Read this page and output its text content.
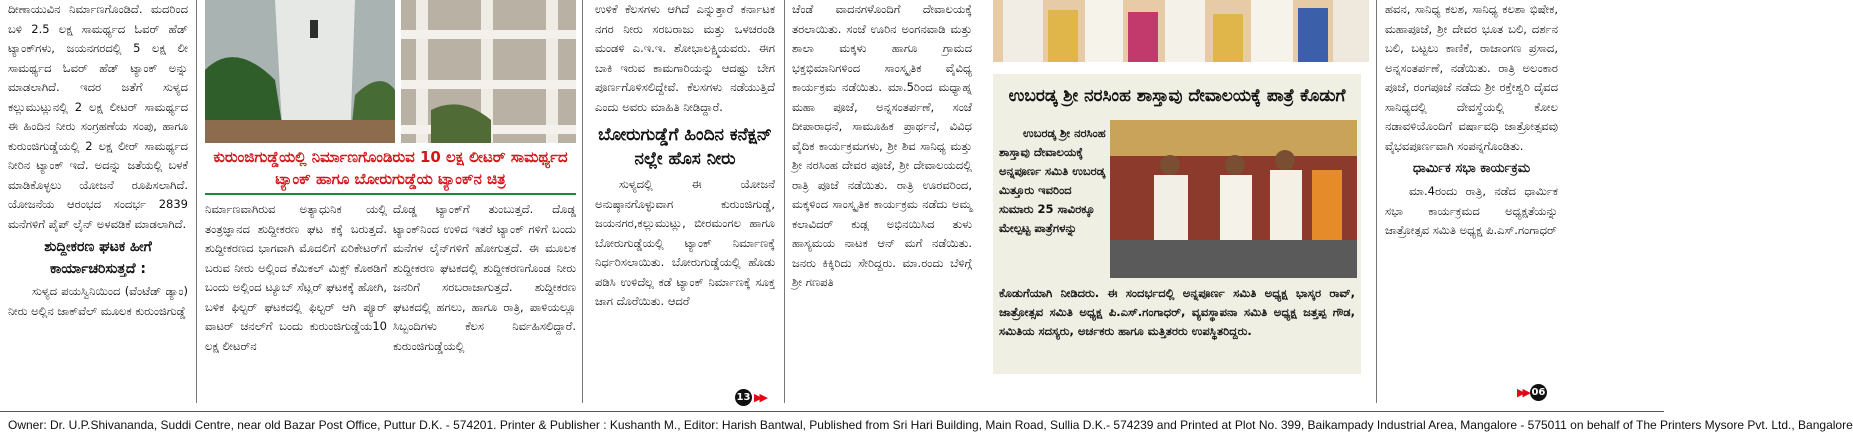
ದೀಣಾಯುವಿನ ನಿರ್ಮಾಣಗೊಂಡಿದೆ. ಮದರಿಂದ ಬಳಿ 2.5 ಲಕ್ಷ ಸಾಮರ್ಥ್ಯದ ಓವರ್ ಹೆಡ್ ಟ್ಯಾಂಕ್‌ಗಳು, ಜಯನಗರದಲ್ಲಿ 5 ಲಕ್ಷ ಲೀ ಸಾಮರ್ಥ್ಯದ ಓವರ್ ಹೆಡ್ ಟ್ಯಾಂಕ್ ಅನ್ನು ಮಾಡಲಾಗಿದೆ. ಇದರ ಜತೆಗೆ ಸುಳ್ಯದ ಕಲ್ಲುಮುಟ್ಲುನಲ್ಲಿ 2 ಲಕ್ಷ ಲೀಟರ್ ಸಾಮರ್ಥ್ಯದ ಈ ಹಿಂದಿನ ನೀರು ಸಂಗ್ರಹಣೆಯ ಸಂಪು, ಹಾಗೂ ಕುರುಂಜಿಗುಡ್ಡೆಯಲ್ಲಿ 2 ಲಕ್ಷ ಲೀರ್ ಸಾಮರ್ಥ್ಯದ ನೀರಿನ ಟ್ಯಾಂಕ್ ಇದೆ. ಅದನ್ನು ಜತೆಯಲ್ಲಿ ಬಳಕೆ ಮಾಡಿಕೊಳ್ಳಲು ಯೋಜನೆ ರೂಪಿಸಲಾಗಿದೆ. ಯೋಜನೆಯ ಆರಂಭದ ಸಂದರ್ಭ 2839 ಮನೆಗಳಿಗೆ ಪೈಪ್ ಲೈನ್ ಅಳವಡಿಕೆ ಮಾಡಲಾಗಿದೆ.

ಶುದ್ದೀಕರಣ ಘಟಕ ಹೀಗೆ ಕಾರ್ಯಾಚರಿಸುತ್ತದೆ :

ಸುಳ್ಯದ ಪಯಸ್ವಿನಿಯಿಂದ (ವೆಂಟೆಡ್ ಡ್ಯಾಂ) ನೀರು ಅಲ್ಲಿನ ಜಾಕ್‌ವೆಲ್ ಮೂಲಕ ಕುರುಂಜಿಗುಡ್ಡೆ

ಕುರುಂಜಿಗುಡ್ಡೆಯಲ್ಲಿ ನಿರ್ಮಾಣಗೊಂಡಿರುವ 10 ಲಕ್ಷ ಲೀಟರ್ ಸಾಮರ್ಥ್ಯದ ಟ್ಯಾಂಕ್ ಹಾಗೂ ಬೋರುಗುಡ್ಡೆಯ ಟ್ಯಾಂಕ್‌ನ ಚಿತ್ರ

ನಿರ್ಮಾಣವಾಗಿರುವ ಅತ್ಯಾಧುನಿಕ ಯಲ್ಲಿ ತಂತ್ರಜ್ಞಾನದ ಶುದ್ದೀಕರಣ ಘಟ ಕಕ್ಕೆ ಬರುತ್ತದೆ. ಶುದ್ದೀಕರಣದ ಭಾಗವಾಗಿ ಮೊದಲಿಗೆ ಏರಿಕೇಟರ್‌ಗೆ ಬರುವ ನೀರು ಅಲ್ಲಿಂದ ಕೆಮಿಕಲ್ ಮಿಕ್ಸ್ ಕೊಠಡಿಗೆ ಬಂದು ಅಲ್ಲಿಂದ ಟ್ಯೂಬ್ ಸೆಟ್ಲರ್ ಘಟಕಕ್ಕೆ ಹೋಗಿ, ಬಳಿಕ ಫಿಲ್ಟರ್ ಘಟಕದಲ್ಲಿ ಫಿಲ್ಟರ್ ಆಗಿ ಪ್ಯೂರ್ ವಾಟರ್ ಚನಲ್‌ಗೆ ಬಂದು ಕುರುಂಜಿಗುಡ್ಡೆಯ10 ಲಕ್ಷ ಲೀಟರ್‌ನ

ದೊಡ್ಡ ಟ್ಯಾಂಕ್‌ಗೆ ತುಂಬುತ್ತದೆ. ದೊಡ್ಡ ಟ್ಯಾಂಕ್‌ನಿಂದ ಉಳಿದ ಇತರೆ ಟ್ಯಾಂಕ್ ಗಳಿಗೆ ಬಂದು ಮನೆಗಳ ಲೈನ್‌ಗಳಿಗೆ ಹೋಗುತ್ತದೆ. ಈ ಮೂಲಕ ಶುದ್ದೀಕರಣ ಘಟಕದಲ್ಲಿ ಶುದ್ದೀಕರಣಗೊಂಡ ನೀರು ಜನರಿಗೆ ಸರಬರಾಜಾಗುತ್ತದೆ. ಶುದ್ದೀಕರಣ ಘಟಕದಲ್ಲಿ ಹಗಲು, ಹಾಗೂ ರಾತ್ರಿ, ಪಾಳಿಯಲ್ಲೂ ಸಿಬ್ಬಂದಿಗಳು ಕೆಲಸ ನಿರ್ವಹಿಸಲಿದ್ದಾರೆ. ಕುರುಂಜಿಗುಡ್ಡೆಯಲ್ಲಿ

ಉಳಿಕೆ ಕೆಲಸಗಳು ಆಗಿದೆ ಎನ್ನುತ್ತಾರೆ ಕರ್ನಾಟಕ ನಗರ ನೀರು ಸರಬರಾಜು ಮತ್ತು ಒಳಚರಂಡಿ ಮಂಡಳಿ ಎ.ಇ.ಇ. ಶೋಭಾಲಕ್ಷ್ಮಿಯವರು. ಈಗ ಬಾಕಿ ಇರುವ ಕಾಮಗಾರಿಯನ್ನು ಆದಷ್ಟು ಬೇಗ ಪೂರ್ಣಗೊಳಿಸಲಿದ್ದೇವೆ. ಕೆಲಸಗಳು ನಡೆಯುತ್ತಿದೆ ಎಂದು ಅವರು ಮಾಹಿತಿ ನೀಡಿದ್ದಾರೆ.

ಬೋರುಗುಡ್ಡೆಗೆ ಹಿಂದಿನ ಕನೆಕ್ಷನ್ ನಲ್ಲೇ ಹೊಸ ನೀರು

ಸುಳ್ಯದಲ್ಲಿ ಈ ಯೋಜನೆ ಅನುಷ್ಠಾನಗೊಳ್ಳುವಾಗ ಕುರುಂಜಿಗುಡ್ಡೆ, ಜಯನಗರ,ಕಲ್ಲುಮುಟ್ಲು, ಬೀರಮಂಗಲ ಹಾಗೂ ಬೋರುಗುಡ್ಡೆಯಲ್ಲಿ ಟ್ಯಾಂಕ್ ನಿರ್ಮಾಣಕ್ಕೆ ನಿರ್ಧರಿಸಲಾಯಿತು. ಬೋರುಗುಡ್ಡೆಯಲ್ಲಿ ಹೊಡು ಪಡಿಸಿ ಉಳಿದೆಲ್ಲ ಕಡೆ ಟ್ಯಾಂಕ್ ನಿರ್ಮಾಣಕ್ಕೆ ಸೂಕ್ತ ಜಾಗ ದೊರೆಯಿತು. ಆದರೆ

13 ▶▶

ಚೆಂಡೆ ವಾದನಗಳೊಂದಿಗೆ ದೇವಾಲಯಕ್ಕೆ ತರಲಾಯಿತು. ಸಂಜೆ ಊರಿನ ಅಂಗನವಾಡಿ ಮತ್ತು ಶಾಲಾ ಮಕ್ಕಳು ಹಾಗೂ ಗ್ರಾಮದ ಭಕ್ತಭಿಮಾನಿಗಳಿಂದ ಸಾಂಸ್ಕೃತಿಕ ವೈವಿಧ್ಯ ಕಾರ್ಯಕ್ರಮ ನಡೆಯಿತು. ಮಾ.5ರಿಂದ ಮಧ್ಯಾಹ್ನ ಮಹಾ ಪೂಜೆ, ಅನ್ನಸಂತರ್ಪಣೆ, ಸಂಜೆ ದೀಪಾರಾಧನೆ, ಸಾಮೂಹಿಕ ಪ್ರಾರ್ಥನೆ, ವಿವಿಧ ವೈದಿಕ ಕಾರ್ಯಕ್ರಮಗಳು, ಶ್ರೀ ಶಿವ ಸಾನಿಧ್ಯ ಮತ್ತು ಶ್ರೀ ನರಸಿಂಹ ದೇವರ ಪೂಜೆ, ಶ್ರೀ ದೇವಾಲಯದಲ್ಲಿ ರಾತ್ರಿ ಪೂಜೆ ನಡೆಯಿತು. ರಾತ್ರಿ ಊರವರಿಂದ, ಮಕ್ಕಳಿಂದ ಸಾಂಸ್ಕೃತಿಕ ಕಾರ್ಯಕ್ರಮ ನಡೆದು ಅಮ್ಮ ಕಲಾವಿದರ್ ಕುಡ್ಲ ಅಭಿನಯಿಸಿದ ತುಳು ಹಾಸ್ಯಮಯ ನಾಟಕ ಆನ್ ಮಗೆ ನಡೆಯಿತು. ಜನರು ಕಿಕ್ಕಿರಿದು ಸೇರಿದ್ದರು. ಮಾ.ರಂದು ಬೆಳಿಗ್ಗೆ ಶ್ರೀ ಗಣಪತಿ

ಉಬರಡ್ಕ ಶ್ರೀ ನರಸಿಂಹ ಶಾಸ್ತಾವು ದೇವಾಲಯಕ್ಕೆ ಪಾತ್ರೆ ಕೊಡುಗೆ
ಉಬರಡ್ಕ ಶ್ರೀ ನರಸಿಂಹ ಶಾಸ್ತಾವು ದೇವಾಲಯಕ್ಕೆ ಅನ್ನಪೂರ್ಣ ಸಮಿತಿ ಉಬರಡ್ಕ ಮಿತ್ತೂರು ಇವರಿಂದ ಸುಮಾರು 25 ಸಾವಿರಕ್ಕೂ ಮೇಲ್ಪಟ್ಟ ಪಾತ್ರೆಗಳನ್ನು
ಕೊಡುಗೆಯಾಗಿ ನೀಡಿದರು. ಈ ಸಂದರ್ಭದಲ್ಲಿ ಅನ್ನಪೂರ್ಣ ಸಮಿತಿ ಅಧ್ಯಕ್ಷ ಭಾಸ್ಕರ ರಾವ್, ಜಾತ್ರೋತ್ಸವ ಸಮಿತಿ ಅಧ್ಯಕ್ಷ ಪಿ.ಎಸ್.ಗಂಗಾಧರ್, ವ್ಯವಸ್ಥಾಪನಾ ಸಮಿತಿ ಅಧ್ಯಕ್ಷ ಜತ್ತಪ್ಪ ಗೌಡ, ಸಮಿತಿಯ ಸದಸ್ಯರು, ಅರ್ಚಕರು ಹಾಗೂ ಮತ್ತಿತರರು ಉಪಸ್ಥಿತರಿದ್ದರು.

ಹವನ, ಸಾನಿಧ್ಯ ಕಲಶ, ಸಾನಿಧ್ಯ ಕಲಶಾ ಭಿಷೇಕ, ಮಹಾಪೂಜೆ, ಶ್ರೀ ದೇವರ ಭೂತ ಬಲಿ, ದರ್ಶನ ಬಲಿ, ಬಟ್ಟಲು ಕಾಣಿಕೆ, ರಾಜಾಂಗಣ ಪ್ರಸಾದ, ಅನ್ನಸಂತರ್ಪಣೆ, ನಡೆಯಿತು. ರಾತ್ರಿ ಅಲಂಕಾರ ಪೂಜೆ, ರಂಗಪೂಜೆ ನಡೆದು ಶ್ರೀ ರಕ್ತೇಶ್ವರಿ ದೈವದ ಸಾನಿಧ್ಯದಲ್ಲಿ ದೇವಸ್ಥೆಯಲ್ಲಿ ಕೋಲ ನಡಾವಳಿಯೊಂದಿಗೆ ವರ್ಷಾವಧಿ ಜಾತ್ರೋತ್ಸವವು ವೈಭವಪೂರ್ಣವಾಗಿ ಸಂಪನ್ನಗೊಂಡಿತು.

ಧಾರ್ಮಿಕ ಸಭಾ ಕಾರ್ಯಕ್ರಮ

ಮಾ.4ರಂದು ರಾತ್ರಿ, ನಡೆದ ಧಾರ್ಮಿಕ ಸಭಾ ಕಾರ್ಯಕ್ರಮದ ಅಧ್ಯಕ್ಷತೆಯನ್ನು ಜಾತ್ರೋತ್ಸವ ಸಮಿತಿ ಅಧ್ಯಕ್ಷ ಪಿ.ಎಸ್.ಗಂಗಾಧರ್

▶▶ 06
Owner: Dr. U.P.Shivananda, Suddi Centre, near old Bazar Post Office, Puttur D.K. - 574201. Printer & Publisher : Kushanth M., Editor: Harish Bantwal, Published from Sri Hari Building, Main Road, Sullia D.K.- 574239 and Printed at Plot No. 399, Baikampady Industrial Area, Mangalore - 575011 on behalf of The Printers Mysore Pvt. Ltd., Bangalore
